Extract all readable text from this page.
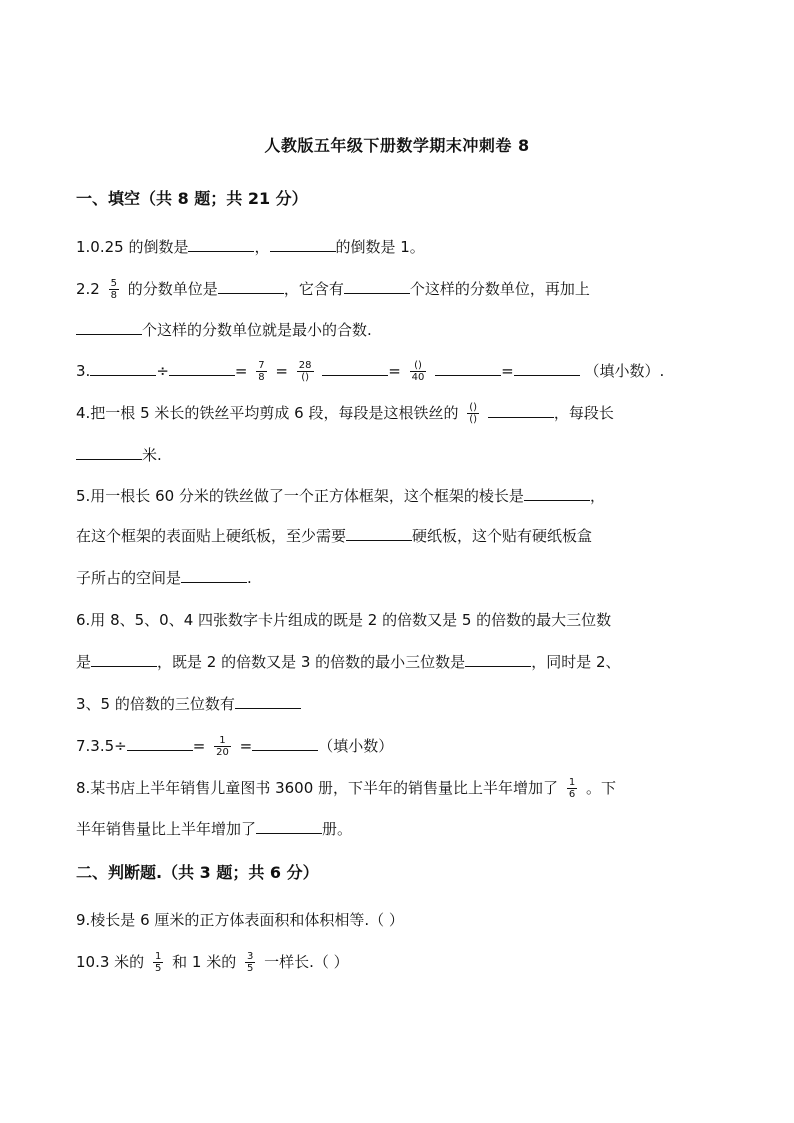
人教版五年级下册数学期末冲刺卷 8
一、填空（共 8 题；共 21 分）
1.0.25 的倒数是	，	的倒数是 1。
$2.2 \frac{5}{8}$ 的分数单位是	，它含有	个这样的分数单位，再加上
个这样的分数单位就是最小的合数.
3.	÷	= $\frac{7}{8} = \frac{28}{()}$	= $\frac{()}{40}$	=	（填小数）.
4.把一根 5 米长的铁丝平均剪成 6 段，每段是这根铁丝的 $\frac{()}{()}$	，每段长
米.
5.用一根长 60 分米的铁丝做了一个正方体框架，这个框架的棱长是	，
在这个框架的表面贴上硬纸板，至少需要	硬纸板，这个贴有硬纸板盒
子所占的空间是	.
6.用 8、5、0、4 四张数字卡片组成的既是 2 的倍数又是 5 的倍数的最大三位数
是	，既是 2 的倍数又是 3 的倍数的最小三位数是	，同时是 2、
3、5 的倍数的三位数有
7.3.5÷	= $\frac{1}{20}$ =	（填小数）
8.某书店上半年销售儿童图书 3600 册，下半年的销售量比上半年增加了 $\frac{1}{6}$ 。下
半年销售量比上半年增加了	册。
二、判断题.（共 3 题；共 6 分）
9.棱长是 6 厘米的正方体表面积和体积相等.（ ）
10.3 米的 $\frac{1}{5}$ 和 1 米的 $\frac{3}{5}$ 一样长.（ ）
